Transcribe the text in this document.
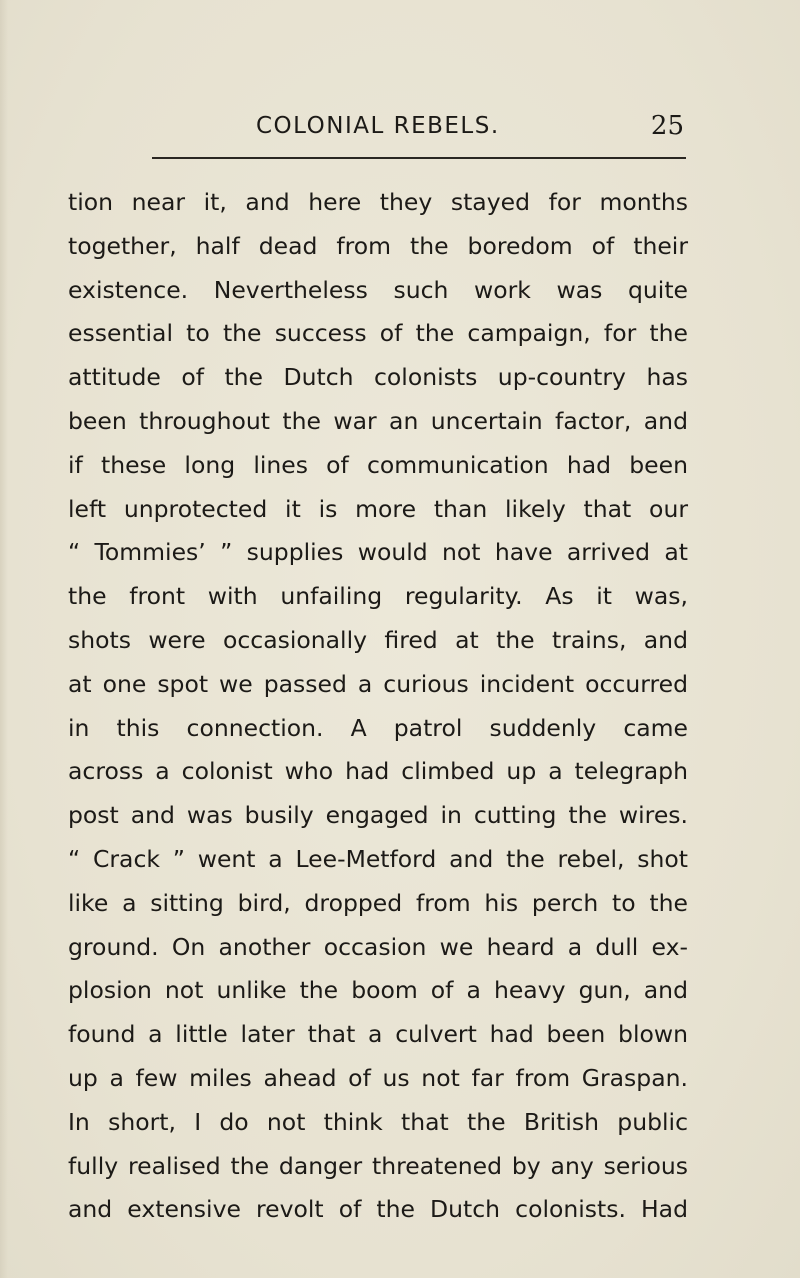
COLONIAL REBELS.	25
tion near it, and here they stayed for months
together, half dead from the boredom of their
existence. Nevertheless such work was quite
essential to the success of the campaign, for the
attitude of the Dutch colonists up-country has
been throughout the war an uncertain factor, and
if these long lines of communication had been
left unprotected it is more than likely that our
“ Tommies’ ” supplies would not have arrived at
the front with unfailing regularity. As it was,
shots were occasionally fired at the trains, and
at one spot we passed a curious incident occurred
in this connection. A patrol suddenly came
across a colonist who had climbed up a telegraph
post and was busily engaged in cutting the wires.
“ Crack ” went a Lee-Metford and the rebel, shot
like a sitting bird, dropped from his perch to the
ground. On another occasion we heard a dull ex-
plosion not unlike the boom of a heavy gun, and
found a little later that a culvert had been blown
up a few miles ahead of us not far from Graspan.
In short, I do not think that the British public
fully realised the danger threatened by any serious
and extensive revolt of the Dutch colonists. Had
